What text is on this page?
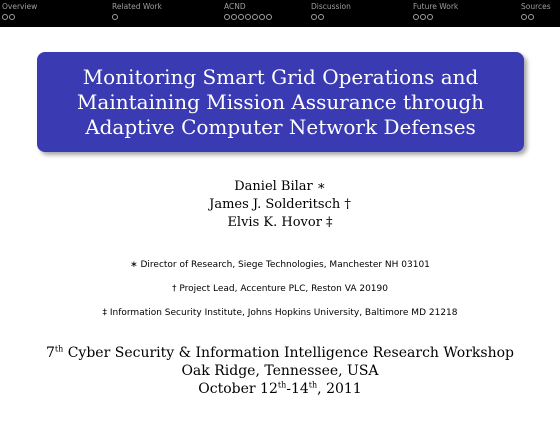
Overview	Related Work	ACND	Discussion	Future Work	Sources
Monitoring Smart Grid Operations and
Maintaining Mission Assurance through
Adaptive Computer Network Defenses
Daniel Bilar ∗
James J. Solderitsch †
Elvis K. Hovor ‡
∗ Director of Research, Siege Technologies, Manchester NH 03101
† Project Lead, Accenture PLC, Reston VA 20190
‡ Information Security Institute, Johns Hopkins University, Baltimore MD 21218
7th Cyber Security & Information Intelligence Research Workshop
Oak Ridge, Tennessee, USA
October 12th-14th, 2011
